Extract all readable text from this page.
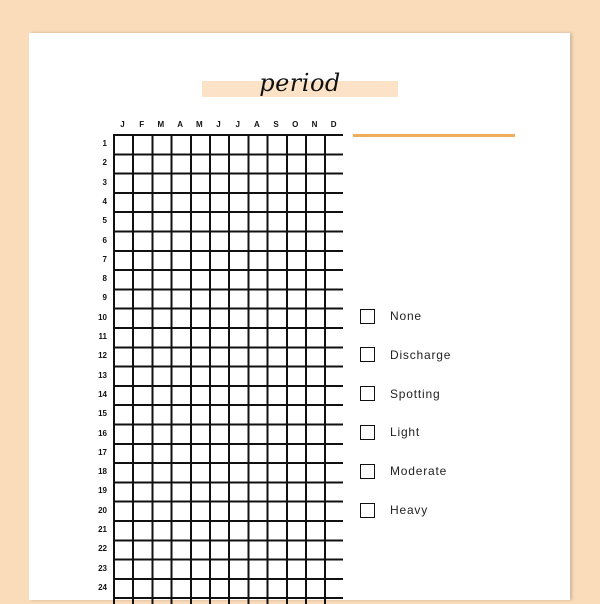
period
J	F	M	A	M	J	J	A	S	O	N	D
1
2
3
4
5
6
7
8
9
10
11
12
13
14
15
16
17
18
19
20
21
22
23
24
None
Discharge
Spotting
Light
Moderate
Heavy
